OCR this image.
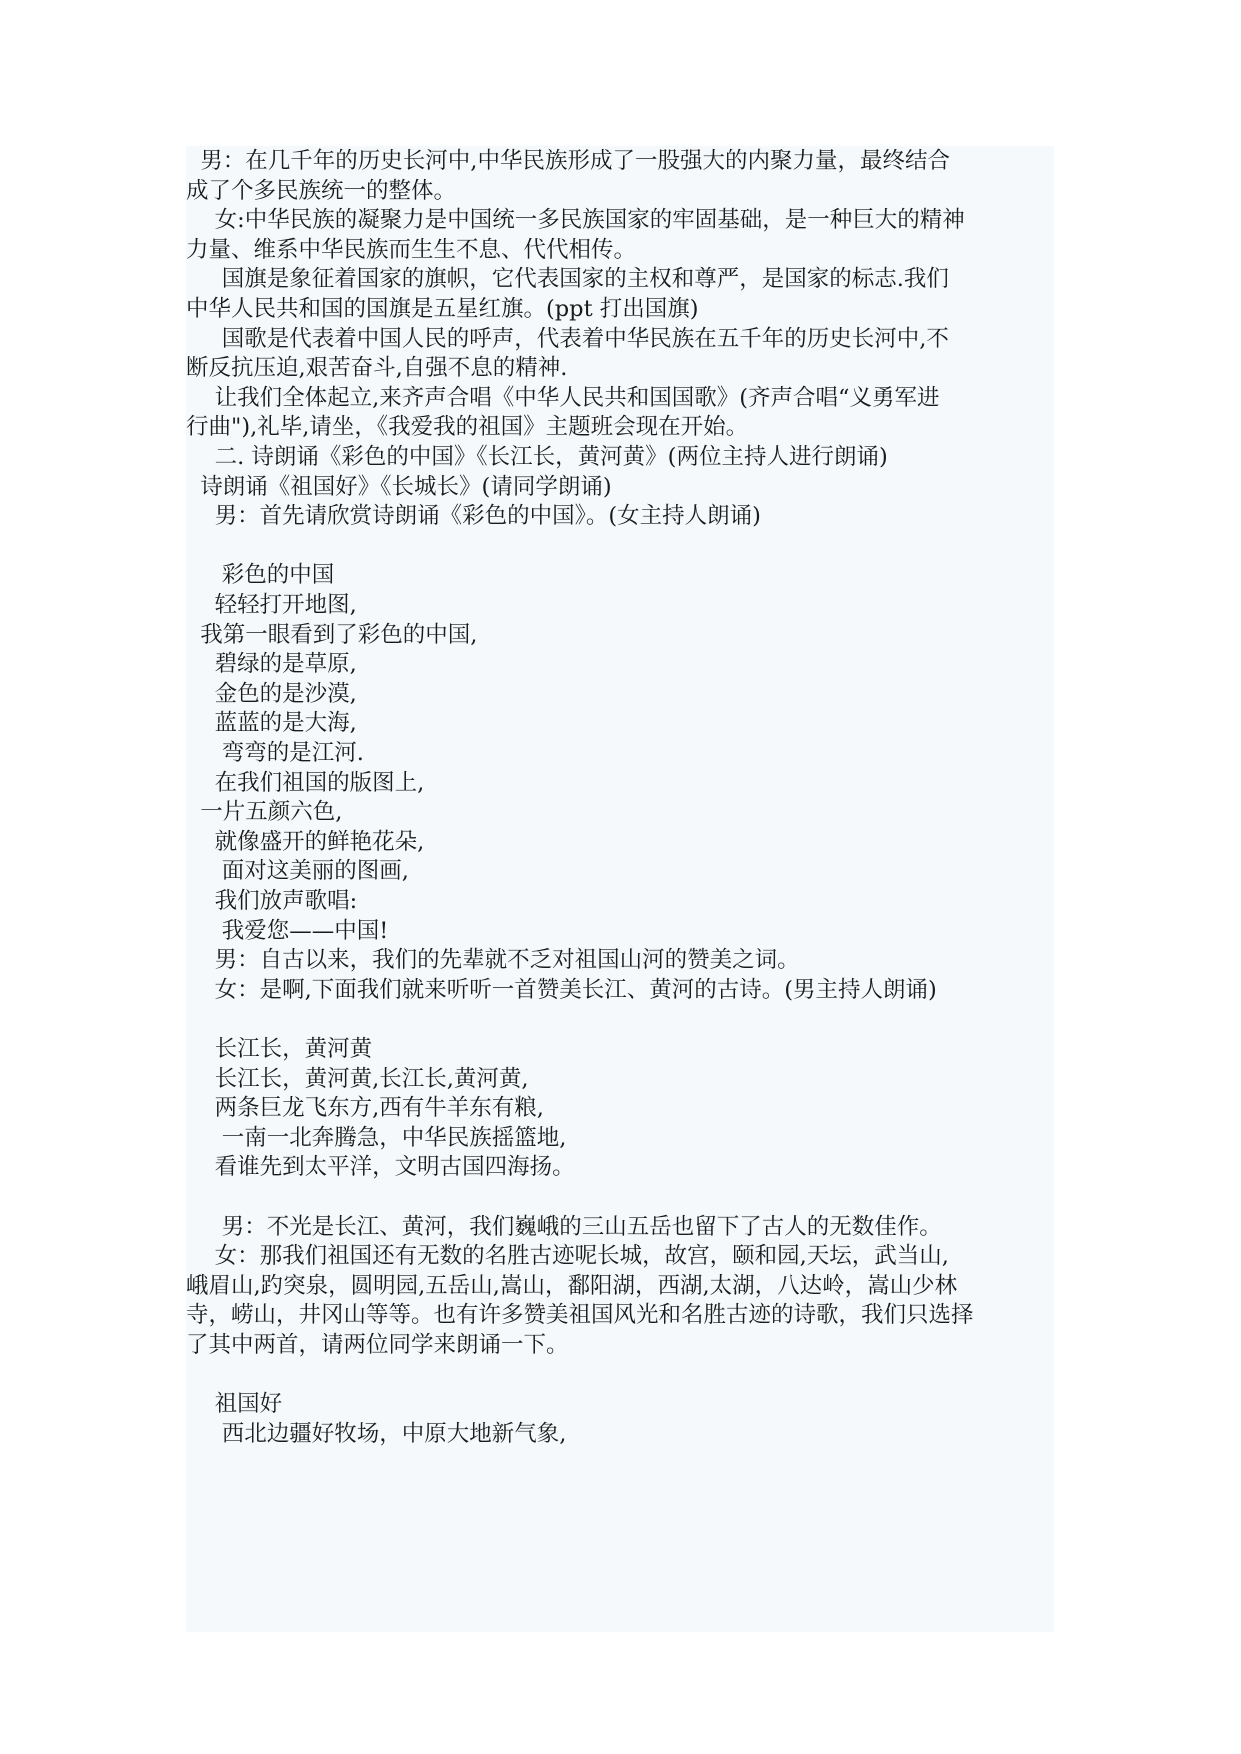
男：在几千年的历史长河中,中华民族形成了一股强大的内聚力量，最终结合
成了个多民族统一的整体。
女:中华民族的凝聚力是中国统一多民族国家的牢固基础，是一种巨大的精神
力量、维系中华民族而生生不息、代代相传。
国旗是象征着国家的旗帜，它代表国家的主权和尊严，是国家的标志.我们
中华人民共和国的国旗是五星红旗。(ppt 打出国旗)
国歌是代表着中国人民的呼声，代表着中华民族在五千年的历史长河中,不
断反抗压迫,艰苦奋斗,自强不息的精神.
让我们全体起立,来齐声合唱《中华人民共和国国歌》(齐声合唱“义勇军进
行曲"),礼毕,请坐，《我爱我的祖国》主题班会现在开始。
二. 诗朗诵《彩色的中国》《长江长，黄河黄》(两位主持人进行朗诵)
诗朗诵《祖国好》《长城长》(请同学朗诵)
男：首先请欣赏诗朗诵《彩色的中国》。(女主持人朗诵)
彩色的中国
轻轻打开地图,
我第一眼看到了彩色的中国,
碧绿的是草原,
金色的是沙漠,
蓝蓝的是大海,
弯弯的是江河.
在我们祖国的版图上,
一片五颜六色,
就像盛开的鲜艳花朵,
面对这美丽的图画,
我们放声歌唱:
我爱您——中国!
男：自古以来，我们的先辈就不乏对祖国山河的赞美之词。
女：是啊,下面我们就来听听一首赞美长江、黄河的古诗。(男主持人朗诵)
长江长，黄河黄
长江长，黄河黄,长江长,黄河黄,
两条巨龙飞东方,西有牛羊东有粮,
一南一北奔腾急，中华民族摇篮地,
看谁先到太平洋，文明古国四海扬。
男：不光是长江、黄河，我们巍峨的三山五岳也留下了古人的无数佳作。
女：那我们祖国还有无数的名胜古迹呢长城，故宫，颐和园,天坛，武当山,
峨眉山,趵突泉，圆明园,五岳山,嵩山，鄱阳湖，西湖,太湖，八达岭，嵩山少林
寺，崂山，井冈山等等。也有许多赞美祖国风光和名胜古迹的诗歌，我们只选择
了其中两首，请两位同学来朗诵一下。
祖国好
西北边疆好牧场，中原大地新气象,
